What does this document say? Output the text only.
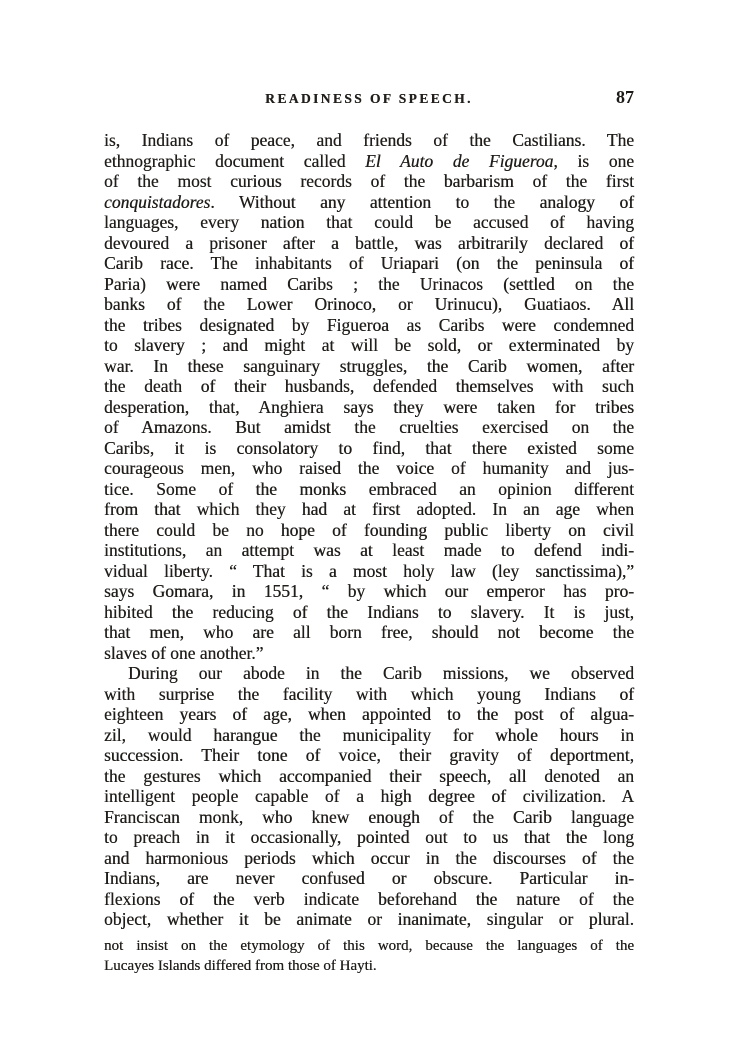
READINESS OF SPEECH.	87
is, Indians of peace, and friends of the Castilians. The
ethnographic document called El Auto de Figueroa, is one
of the most curious records of the barbarism of the first
conquistadores. Without any attention to the analogy of
languages, every nation that could be accused of having
devoured a prisoner after a battle, was arbitrarily declared of
Carib race. The inhabitants of Uriapari (on the peninsula of
Paria) were named Caribs ; the Urinacos (settled on the
banks of the Lower Orinoco, or Urinucu), Guatiaos. All
the tribes designated by Figueroa as Caribs were condemned
to slavery ; and might at will be sold, or exterminated by
war. In these sanguinary struggles, the Carib women, after
the death of their husbands, defended themselves with such
desperation, that, Anghiera says they were taken for tribes
of Amazons. But amidst the cruelties exercised on the
Caribs, it is consolatory to find, that there existed some
courageous men, who raised the voice of humanity and jus-
tice. Some of the monks embraced an opinion different
from that which they had at first adopted. In an age when
there could be no hope of founding public liberty on civil
institutions, an attempt was at least made to defend indi-
vidual liberty. “ That is a most holy law (ley sanctissima),”
says Gomara, in 1551, “ by which our emperor has pro-
hibited the reducing of the Indians to slavery. It is just,
that men, who are all born free, should not become the
slaves of one another.”
During our abode in the Carib missions, we observed
with surprise the facility with which young Indians of
eighteen years of age, when appointed to the post of algua-
zil, would harangue the municipality for whole hours in
succession. Their tone of voice, their gravity of deportment,
the gestures which accompanied their speech, all denoted an
intelligent people capable of a high degree of civilization. A
Franciscan monk, who knew enough of the Carib language
to preach in it occasionally, pointed out to us that the long
and harmonious periods which occur in the discourses of the
Indians, are never confused or obscure. Particular in-
flexions of the verb indicate beforehand the nature of the
object, whether it be animate or inanimate, singular or plural.
not insist on the etymology of this word, because the languages of the
Lucayes Islands differed from those of Hayti.
